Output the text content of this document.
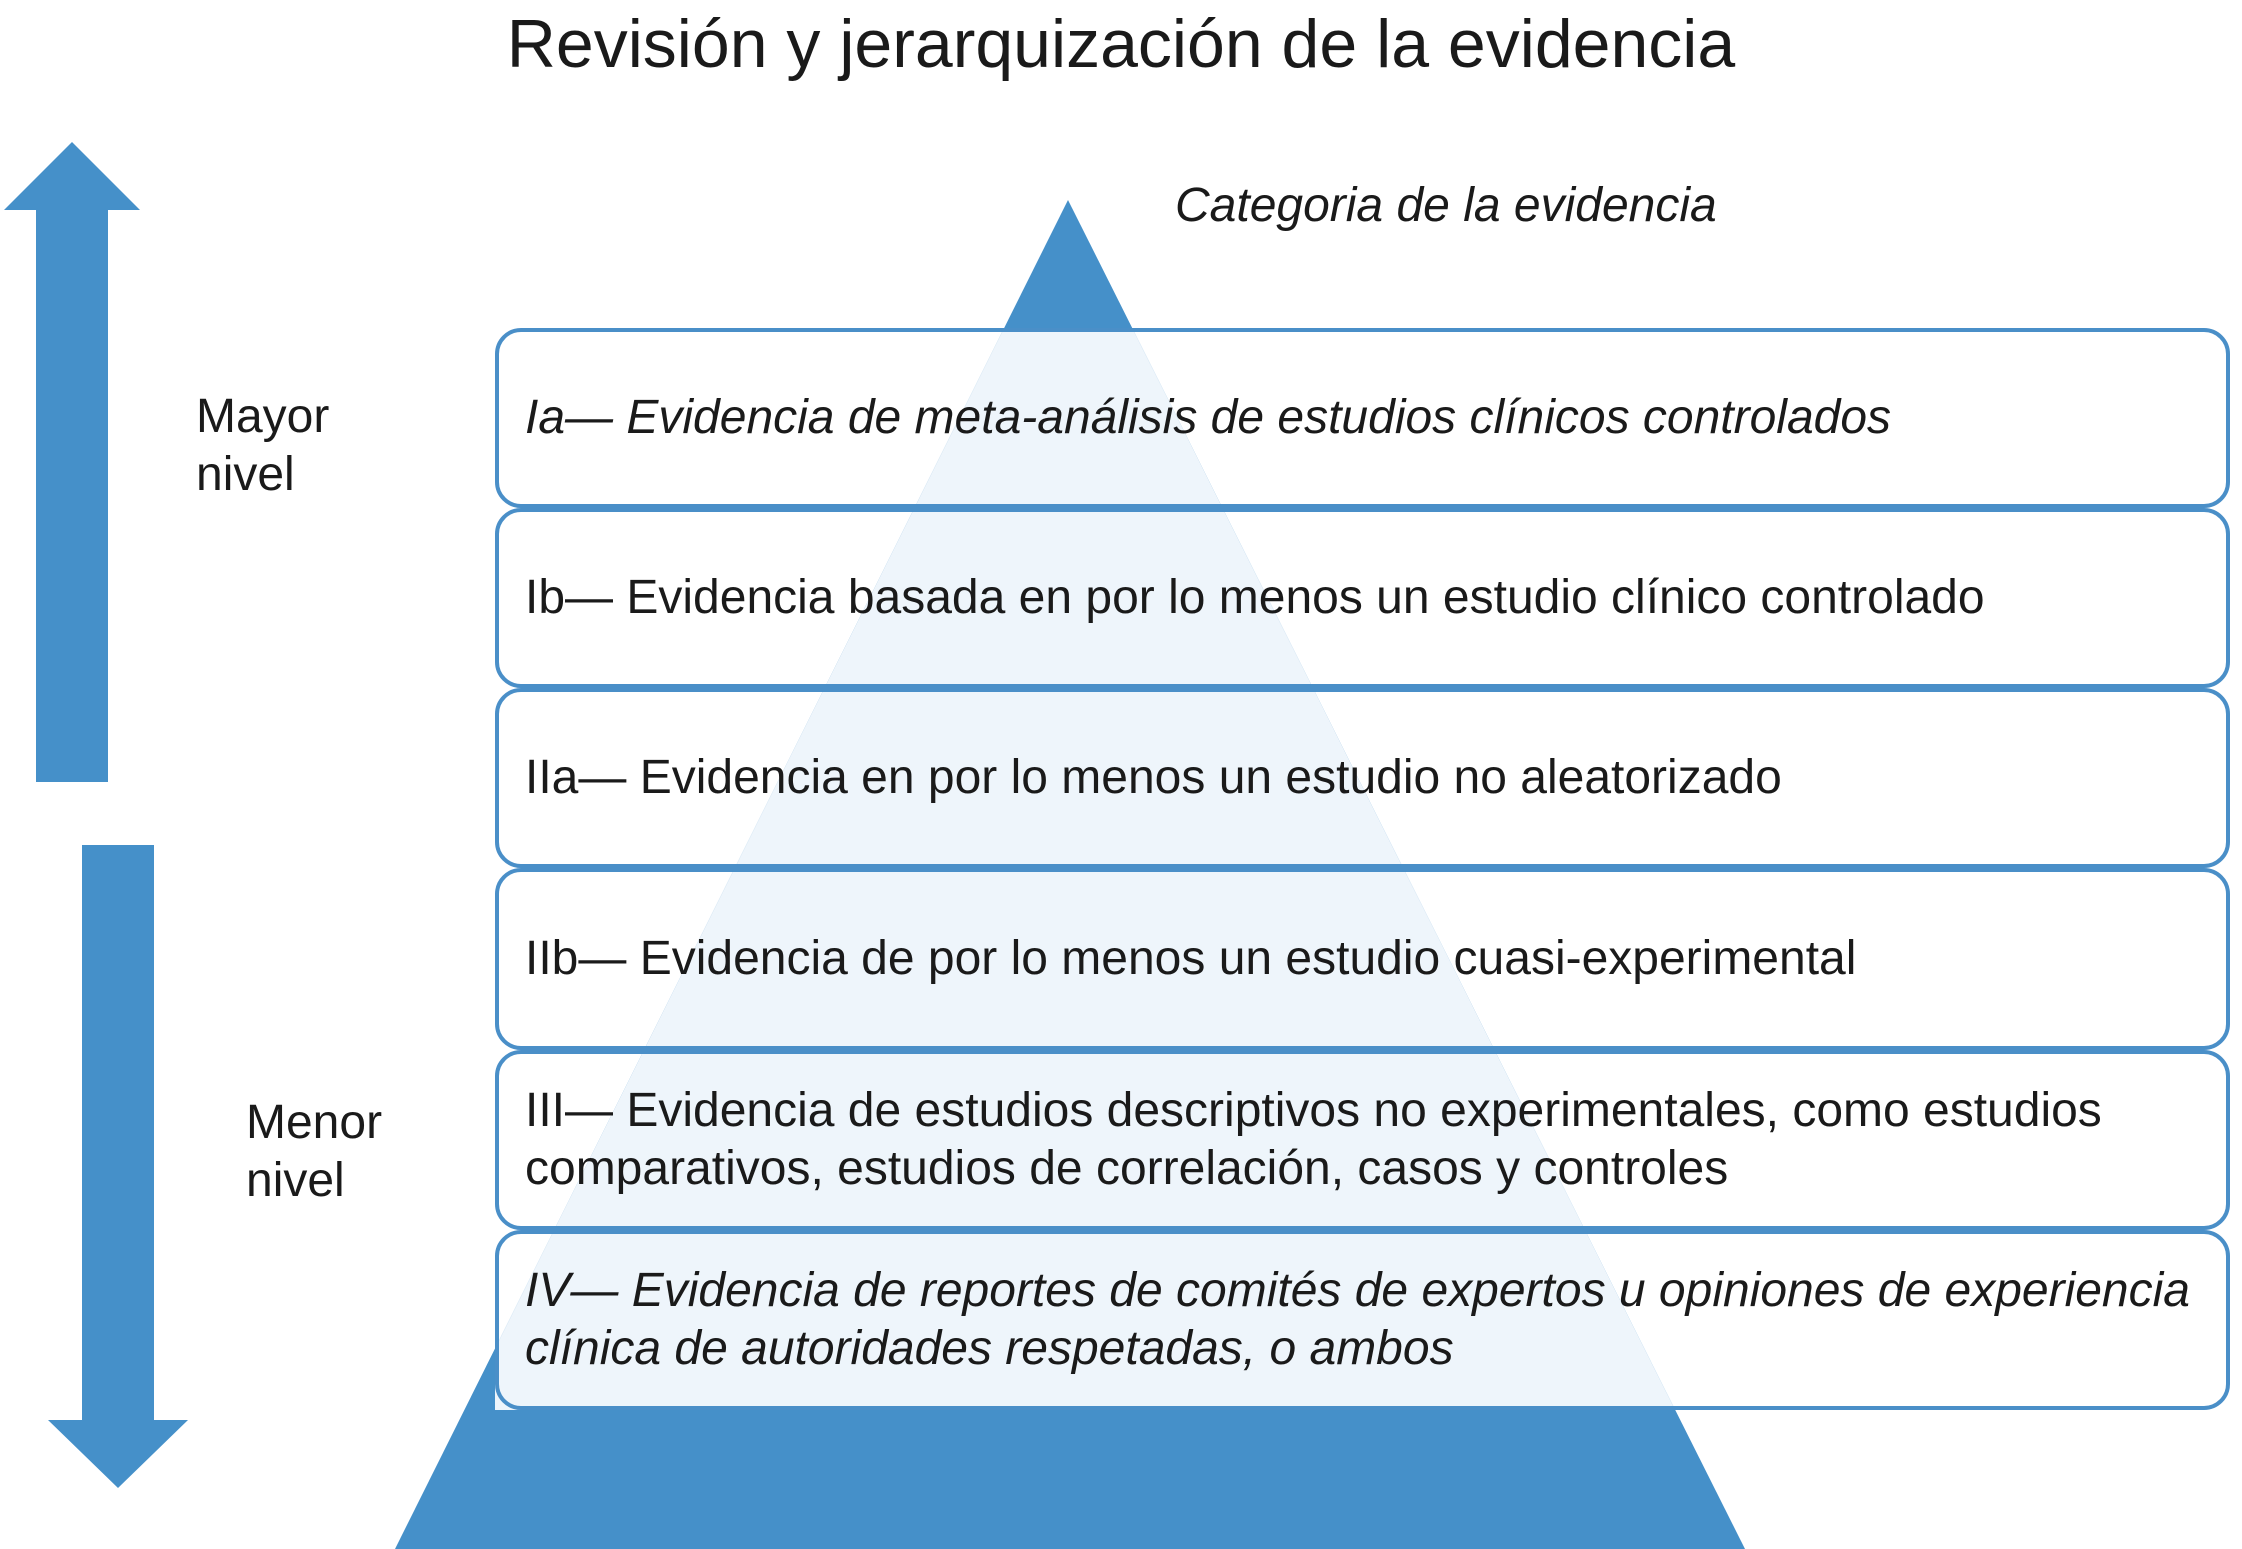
Revisión y jerarquización de la evidencia
Categoria de la evidencia
Mayor
nivel
Menor
nivel
Ia— Evidencia de meta-análisis de estudios clínicos controlados
Ib— Evidencia basada en por lo menos un estudio clínico controlado
IIa— Evidencia en por lo menos un estudio no aleatorizado
IIb— Evidencia de por lo menos un estudio cuasi-experimental
III— Evidencia de estudios descriptivos no experimentales, como estudios comparativos, estudios de correlación, casos y controles
IV— Evidencia de reportes de comités de expertos u opiniones de experiencia clínica de autoridades respetadas, o ambos
